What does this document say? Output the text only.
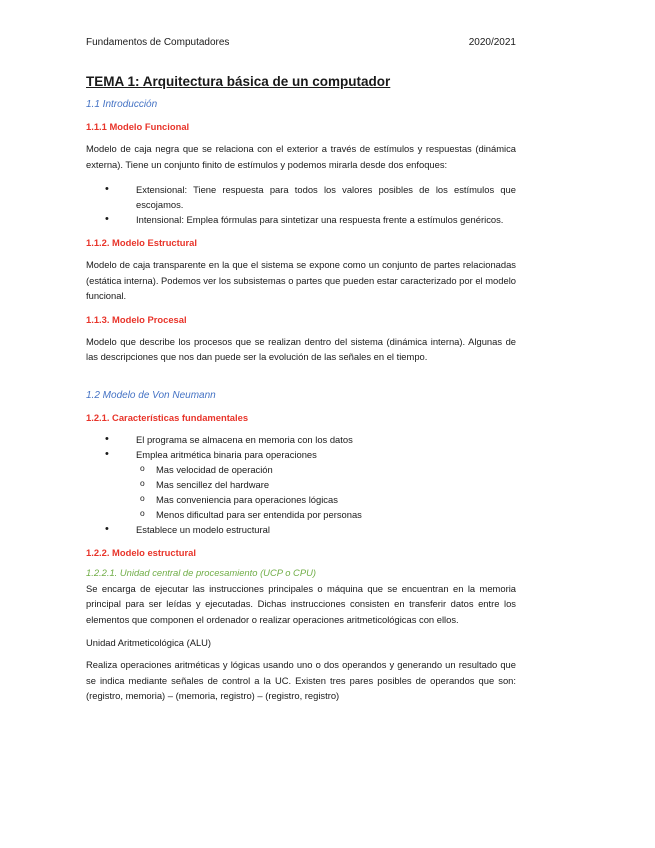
Fundamentos de Computadores	2020/2021
TEMA 1: Arquitectura básica de un computador
1.1 Introducción
1.1.1 Modelo Funcional

Modelo de caja negra que se relaciona con el exterior a través de estímulos y respuestas (dinámica externa). Tiene un conjunto finito de estímulos y podemos mirarla desde dos enfoques:

• Extensional: Tiene respuesta para todos los valores posibles de los estímulos que escojamos.
• Intensional: Emplea fórmulas para sintetizar una respuesta frente a estímulos genéricos.
1.1.2. Modelo Estructural

Modelo de caja transparente en la que el sistema se expone como un conjunto de partes relacionadas (estática interna). Podemos ver los subsistemas o partes que pueden estar caracterizado por el modelo funcional.

1.1.3. Modelo Procesal

Modelo que describe los procesos que se realizan dentro del sistema (dinámica interna). Algunas de las descripciones que nos dan puede ser la evolución de las señales en el tiempo.

1.2 Modelo de Von Neumann
1.2.1. Características fundamentales
• El programa se almacena en memoria con los datos
• Emplea aritmética binaria para operaciones
o Mas velocidad de operación
o Mas sencillez del hardware
o Mas conveniencia para operaciones lógicas
o Menos dificultad para ser entendida por personas
• Establece un modelo estructural
1.2.2. Modelo estructural
1.2.2.1. Unidad central de procesamiento (UCP o CPU)

Se encarga de ejecutar las instrucciones principales o máquina que se encuentran en la memoria principal para ser leídas y ejecutadas. Dichas instrucciones consisten en transferir datos entre los elementos que componen el ordenador o realizar operaciones aritmeticológicas con ellos.

Unidad Aritmeticológica (ALU)

Realiza operaciones aritméticas y lógicas usando uno o dos operandos y generando un resultado que se indica mediante señales de control a la UC. Existen tres pares posibles de operandos que son: (registro, memoria) – (memoria, registro) – (registro, registro)
